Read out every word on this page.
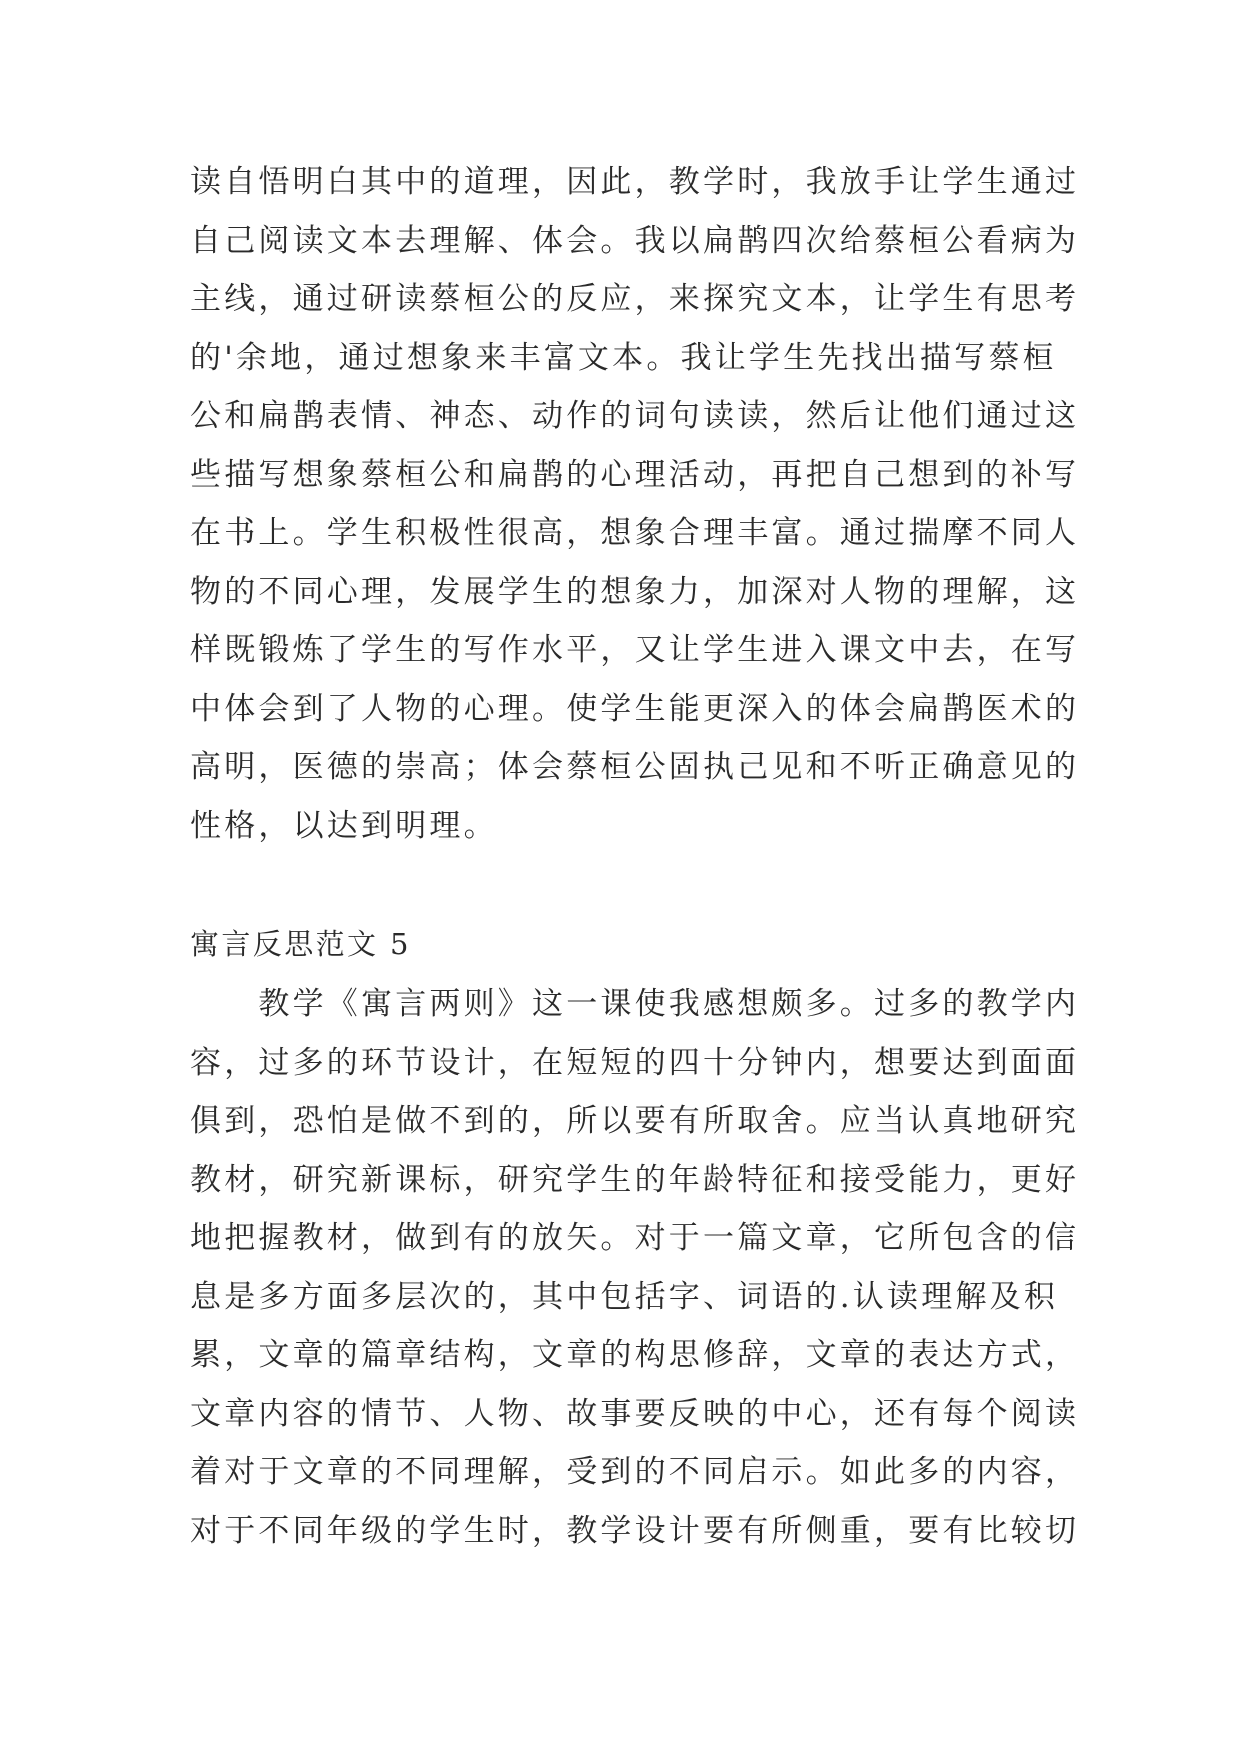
读自悟明白其中的道理，因此，教学时，我放手让学生通过
自己阅读文本去理解、体会。我以扁鹊四次给蔡桓公看病为
主线，通过研读蔡桓公的反应，来探究文本，让学生有思考
的'余地，通过想象来丰富文本。我让学生先找出描写蔡桓
公和扁鹊表情、神态、动作的词句读读，然后让他们通过这
些描写想象蔡桓公和扁鹊的心理活动，再把自己想到的补写
在书上。学生积极性很高，想象合理丰富。通过揣摩不同人
物的不同心理，发展学生的想象力，加深对人物的理解，这
样既锻炼了学生的写作水平，又让学生进入课文中去，在写
中体会到了人物的心理。使学生能更深入的体会扁鹊医术的
高明，医德的崇高；体会蔡桓公固执己见和不听正确意见的
性格，以达到明理。
寓言反思范文 5
　　教学《寓言两则》这一课使我感想颇多。过多的教学内
容，过多的环节设计，在短短的四十分钟内，想要达到面面
俱到，恐怕是做不到的，所以要有所取舍。应当认真地研究
教材，研究新课标，研究学生的年龄特征和接受能力，更好
地把握教材，做到有的放矢。对于一篇文章，它所包含的信
息是多方面多层次的，其中包括字、词语的.认读理解及积
累，文章的篇章结构，文章的构思修辞，文章的表达方式，
文章内容的情节、人物、故事要反映的中心，还有每个阅读
着对于文章的不同理解，受到的不同启示。如此多的内容，
对于不同年级的学生时，教学设计要有所侧重，要有比较切
